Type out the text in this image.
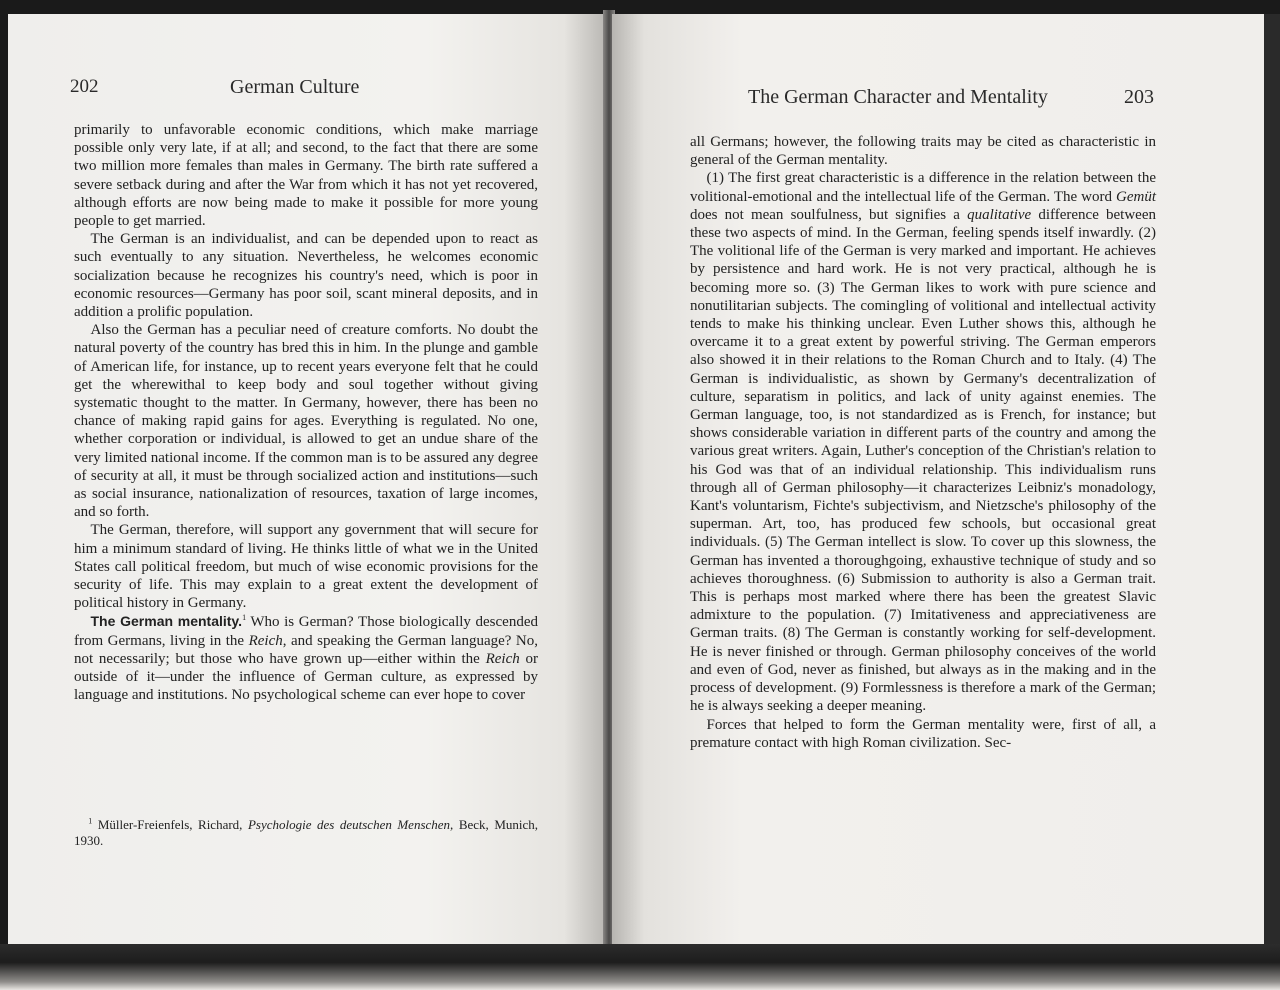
202	German Culture

primarily to unfavorable economic conditions, which make marriage possible only very late, if at all; and second, to the fact that there are some two million more females than males in Germany. The birth rate suffered a severe setback during and after the War from which it has not yet recovered, although efforts are now being made to make it possible for more young people to get married.

The German is an individualist, and can be depended upon to react as such eventually to any situation. Nevertheless, he welcomes economic socialization because he recognizes his country's need, which is poor in economic resources—Germany has poor soil, scant mineral deposits, and in addition a prolific population.

Also the German has a peculiar need of creature comforts. No doubt the natural poverty of the country has bred this in him. In the plunge and gamble of American life, for instance, up to recent years everyone felt that he could get the wherewithal to keep body and soul together without giving systematic thought to the matter. In Germany, however, there has been no chance of making rapid gains for ages. Everything is regulated. No one, whether corporation or individual, is allowed to get an undue share of the very limited national income. If the common man is to be assured any degree of security at all, it must be through socialized action and institutions—such as social insurance, nationalization of resources, taxation of large incomes, and so forth.

The German, therefore, will support any government that will secure for him a minimum standard of living. He thinks little of what we in the United States call political freedom, but much of wise economic provisions for the security of life. This may explain to a great extent the development of political history in Germany.

The German mentality.$^1$ Who is German? Those biologically descended from Germans, living in the Reich, and speaking the German language? No, not necessarily; but those who have grown up—either within the Reich or outside of it—under the influence of German culture, as expressed by language and institutions. No psychological scheme can ever hope to cover

$^1$ Müller-Freienfels, Richard, Psychologie des deutschen Menschen, Beck, Munich, 1930.

The German Character and Mentality	203

all Germans; however, the following traits may be cited as characteristic in general of the German mentality.

(1) The first great characteristic is a difference in the relation between the volitional-emotional and the intellectual life of the German. The word Gemüt does not mean soulfulness, but signifies a qualitative difference between these two aspects of mind. In the German, feeling spends itself inwardly. (2) The volitional life of the German is very marked and important. He achieves by persistence and hard work. He is not very practical, although he is becoming more so. (3) The German likes to work with pure science and nonutilitarian subjects. The comingling of volitional and intellectual activity tends to make his thinking unclear. Even Luther shows this, although he overcame it to a great extent by powerful striving. The German emperors also showed it in their relations to the Roman Church and to Italy. (4) The German is individualistic, as shown by Germany's decentralization of culture, separatism in politics, and lack of unity against enemies. The German language, too, is not standardized as is French, for instance; but shows considerable variation in different parts of the country and among the various great writers. Again, Luther's conception of the Christian's relation to his God was that of an individual relationship. This individualism runs through all of German philosophy—it characterizes Leibniz's monadology, Kant's voluntarism, Fichte's subjectivism, and Nietzsche's philosophy of the superman. Art, too, has produced few schools, but occasional great individuals. (5) The German intellect is slow. To cover up this slowness, the German has invented a thoroughgoing, exhaustive technique of study and so achieves thoroughness. (6) Submission to authority is also a German trait. This is perhaps most marked where there has been the greatest Slavic admixture to the population. (7) Imitativeness and appreciativeness are German traits. (8) The German is constantly working for self-development. He is never finished or through. German philosophy conceives of the world and even of God, never as finished, but always as in the making and in the process of development. (9) Formlessness is therefore a mark of the German; he is always seeking a deeper meaning.

Forces that helped to form the German mentality were, first of all, a premature contact with high Roman civilization. Sec-
